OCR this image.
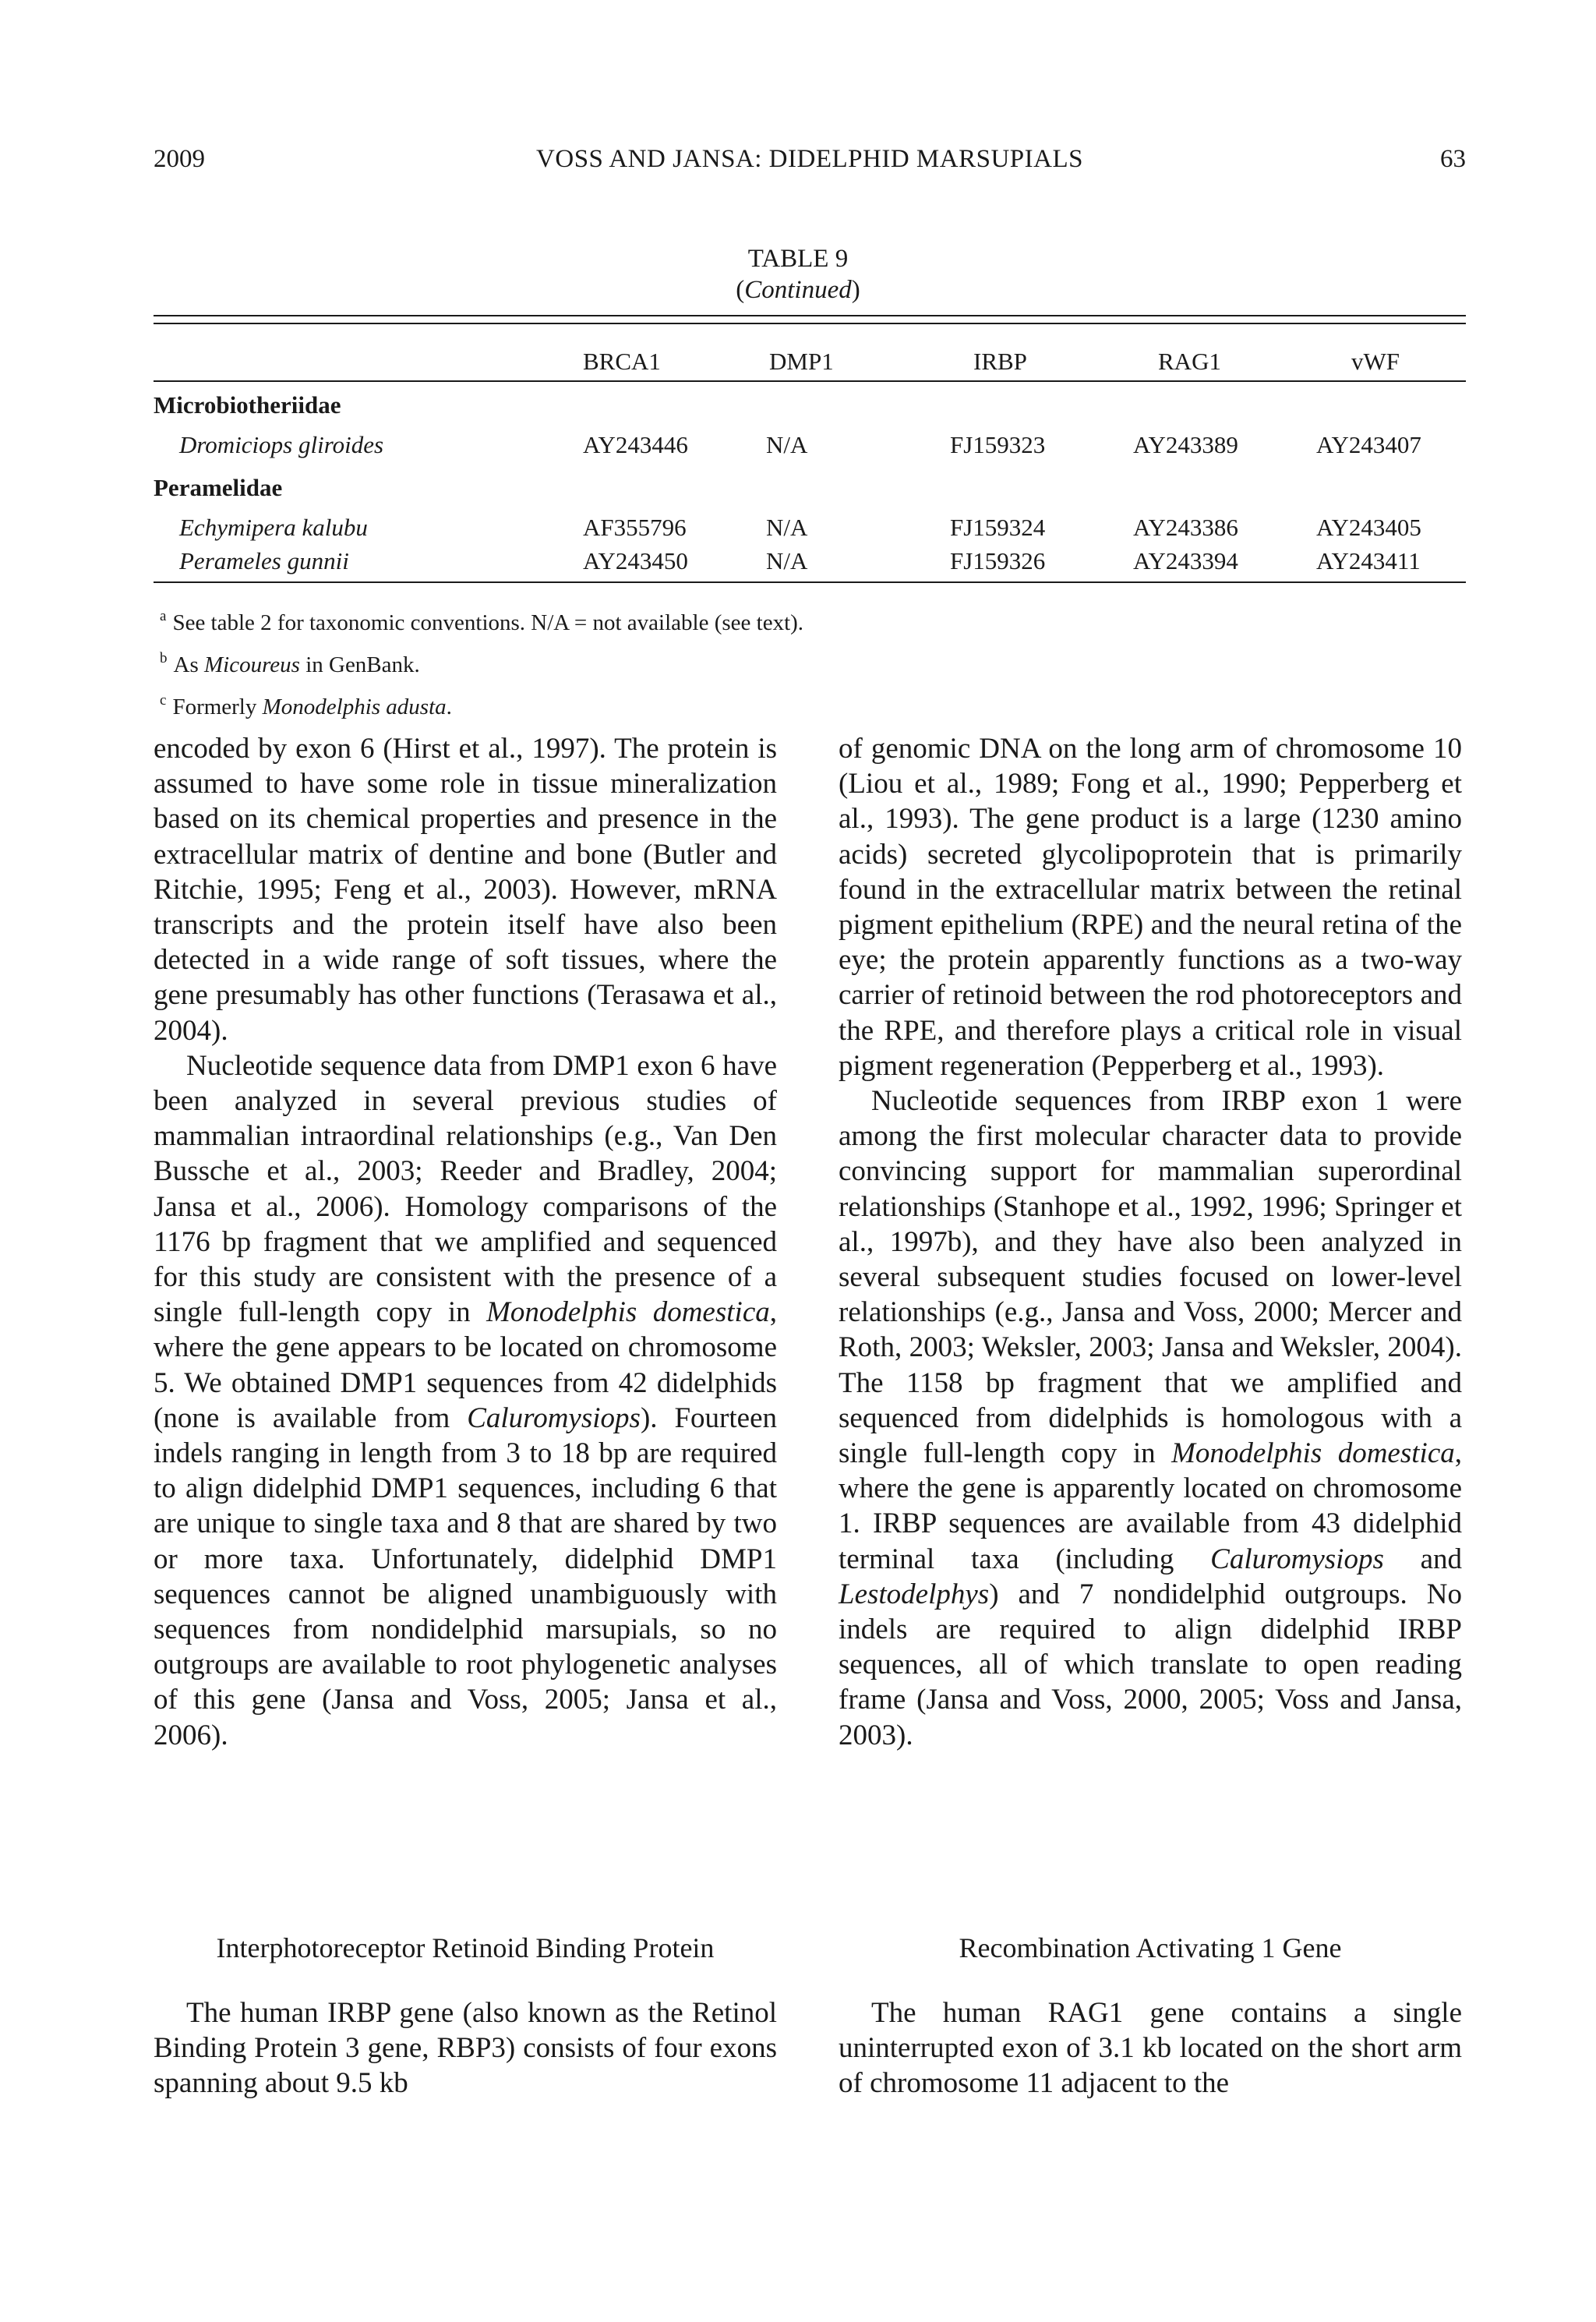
2009	VOSS AND JANSA: DIDELPHID MARSUPIALS	63
TABLE 9
(Continued)
BRCA1	DMP1	IRBP	RAG1	vWF
Microbiotheriidae
Dromiciops gliroides	AY243446	N/A	FJ159323	AY243389	AY243407
Peramelidae
Echymipera kalubu	AF355796	N/A	FJ159324	AY243386	AY243405
Perameles gunnii	AY243450	N/A	FJ159326	AY243394	AY243411
$^a$ See table 2 for taxonomic conventions. N/A = not available (see text).
$^b$ As Micoureus in GenBank.
$^c$ Formerly Monodelphis adusta.

encoded by exon 6 (Hirst et al., 1997). The protein is assumed to have some role in tissue mineralization based on its chemical properties and presence in the extracellular matrix of dentine and bone (Butler and Ritchie, 1995; Feng et al., 2003). However, mRNA transcripts and the protein itself have also been detected in a wide range of soft tissues, where the gene presumably has other functions (Terasawa et al., 2004).

Nucleotide sequence data from DMP1 exon 6 have been analyzed in several previous studies of mammalian intraordinal relationships (e.g., Van Den Bussche et al., 2003; Reeder and Bradley, 2004; Jansa et al., 2006). Homology comparisons of the 1176 bp fragment that we amplified and sequenced for this study are consistent with the presence of a single full-length copy in Monodelphis domestica, where the gene appears to be located on chromosome 5. We obtained DMP1 sequences from 42 didelphids (none is available from Caluromysiops). Fourteen indels ranging in length from 3 to 18 bp are required to align didelphid DMP1 sequences, including 6 that are unique to single taxa and 8 that are shared by two or more taxa. Unfortunately, didelphid DMP1 sequences cannot be aligned unambiguously with sequences from nondidelphid marsupials, so no outgroups are available to root phylogenetic analyses of this gene (Jansa and Voss, 2005; Jansa et al., 2006).

of genomic DNA on the long arm of chromosome 10 (Liou et al., 1989; Fong et al., 1990; Pepperberg et al., 1993). The gene product is a large (1230 amino acids) secreted glycolipoprotein that is primarily found in the extracellular matrix between the retinal pigment epithelium (RPE) and the neural retina of the eye; the protein apparently functions as a two-way carrier of retinoid between the rod photoreceptors and the RPE, and therefore plays a critical role in visual pigment regeneration (Pepperberg et al., 1993).

Nucleotide sequences from IRBP exon 1 were among the first molecular character data to provide convincing support for mammalian superordinal relationships (Stanhope et al., 1992, 1996; Springer et al., 1997b), and they have also been analyzed in several subsequent studies focused on lower-level relationships (e.g., Jansa and Voss, 2000; Mercer and Roth, 2003; Weksler, 2003; Jansa and Weksler, 2004). The 1158 bp fragment that we amplified and sequenced from didelphids is homologous with a single full-length copy in Monodelphis domestica, where the gene is apparently located on chromosome 1. IRBP sequences are available from 43 didelphid terminal taxa (including Caluromysiops and Lestodelphys) and 7 nondidelphid outgroups. No indels are required to align didelphid IRBP sequences, all of which translate to open reading frame (Jansa and Voss, 2000, 2005; Voss and Jansa, 2003).

Interphotoreceptor Retinoid Binding Protein	Recombination Activating 1 Gene

The human IRBP gene (also known as the Retinol Binding Protein 3 gene, RBP3) consists of four exons spanning about 9.5 kb

The human RAG1 gene contains a single uninterrupted exon of 3.1 kb located on the short arm of chromosome 11 adjacent to the
